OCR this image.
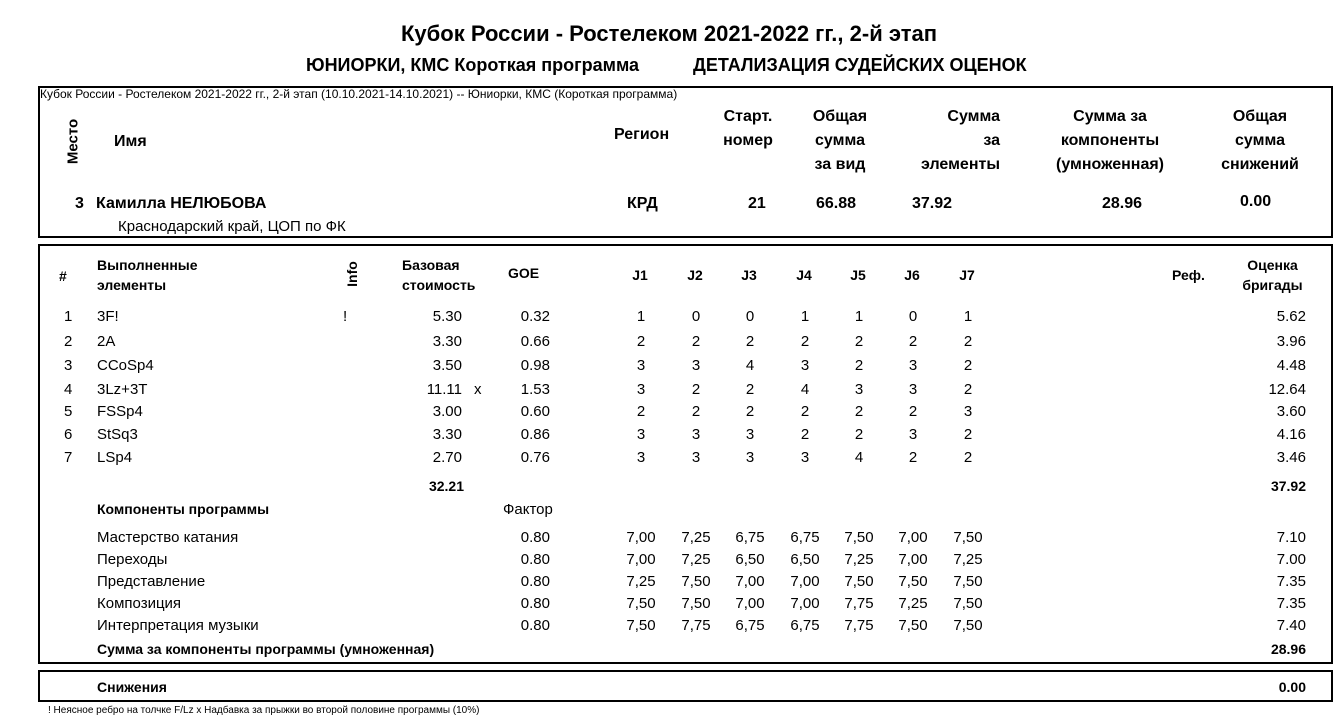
Кубок России - Ростелеком 2021-2022 гг., 2-й этап
ЮНИОРКИ, КМС Короткая программа	ДЕТАЛИЗАЦИЯ СУДЕЙСКИХ ОЦЕНОК
Кубок России - Ростелеком 2021-2022 гг., 2-й этап (10.10.2021-14.10.2021) -- Юниорки, КМС (Короткая программа)
Место Имя	Регион
Старт.
номер
Общая
сумма
за вид
Сумма
за
элементы
Сумма за
компоненты
(умноженная)
Общая
сумма
снижений
3 Камилла НЕЛЮБОВА
Краснодарский край, ЦОП по ФК
КРД	21	66.88	37.92	28.96	0.00
#
Выполненные
элементы	Info	Базовая
стоимость
GOE	J1	J2	J3	J4	J5	J6	J7	Реф.
Оценка
бригады
1 3F!	!	5.30	0.32	1	0	0	1	1	0	1	5.62
2 2A	3.30	0.66	2	2	2	2	2	2	2	3.96
3 CCoSp4	3.50	0.98	3	3	4	3	2	3	2	4.48
4 3Lz+3T	11.11 x	1.53	3	2	2	4	3	3	2	12.64
5 FSSp4	3.00	0.60	2	2	2	2	2	2	3	3.60
6 StSq3	3.30	0.86	3	3	3	2	2	3	2	4.16
7 LSp4	2.70	0.76	3	3	3	3	4	2	2	3.46
32.21	37.92
Компоненты программы	Фактор
Мастерство катания	0.80	7,00	7,25	6,75	6,75	7,50	7,00	7,50	7.10
Переходы	0.80	7,00	7,25	6,50	6,50	7,25	7,00	7,25	7.00
Представление	0.80	7,25	7,50	7,00	7,00	7,50	7,50	7,50	7.35
Композиция	0.80	7,50	7,50	7,00	7,00	7,75	7,25	7,50	7.35
Интерпретация музыки	0.80	7,50	7,75	6,75	6,75	7,75	7,50	7,50	7.40
Сумма за компоненты программы (умноженная)	28.96
Снижения	0.00
! Неясное ребро на толчке F/Lz x Надбавка за прыжки во второй половине программы (10%)
